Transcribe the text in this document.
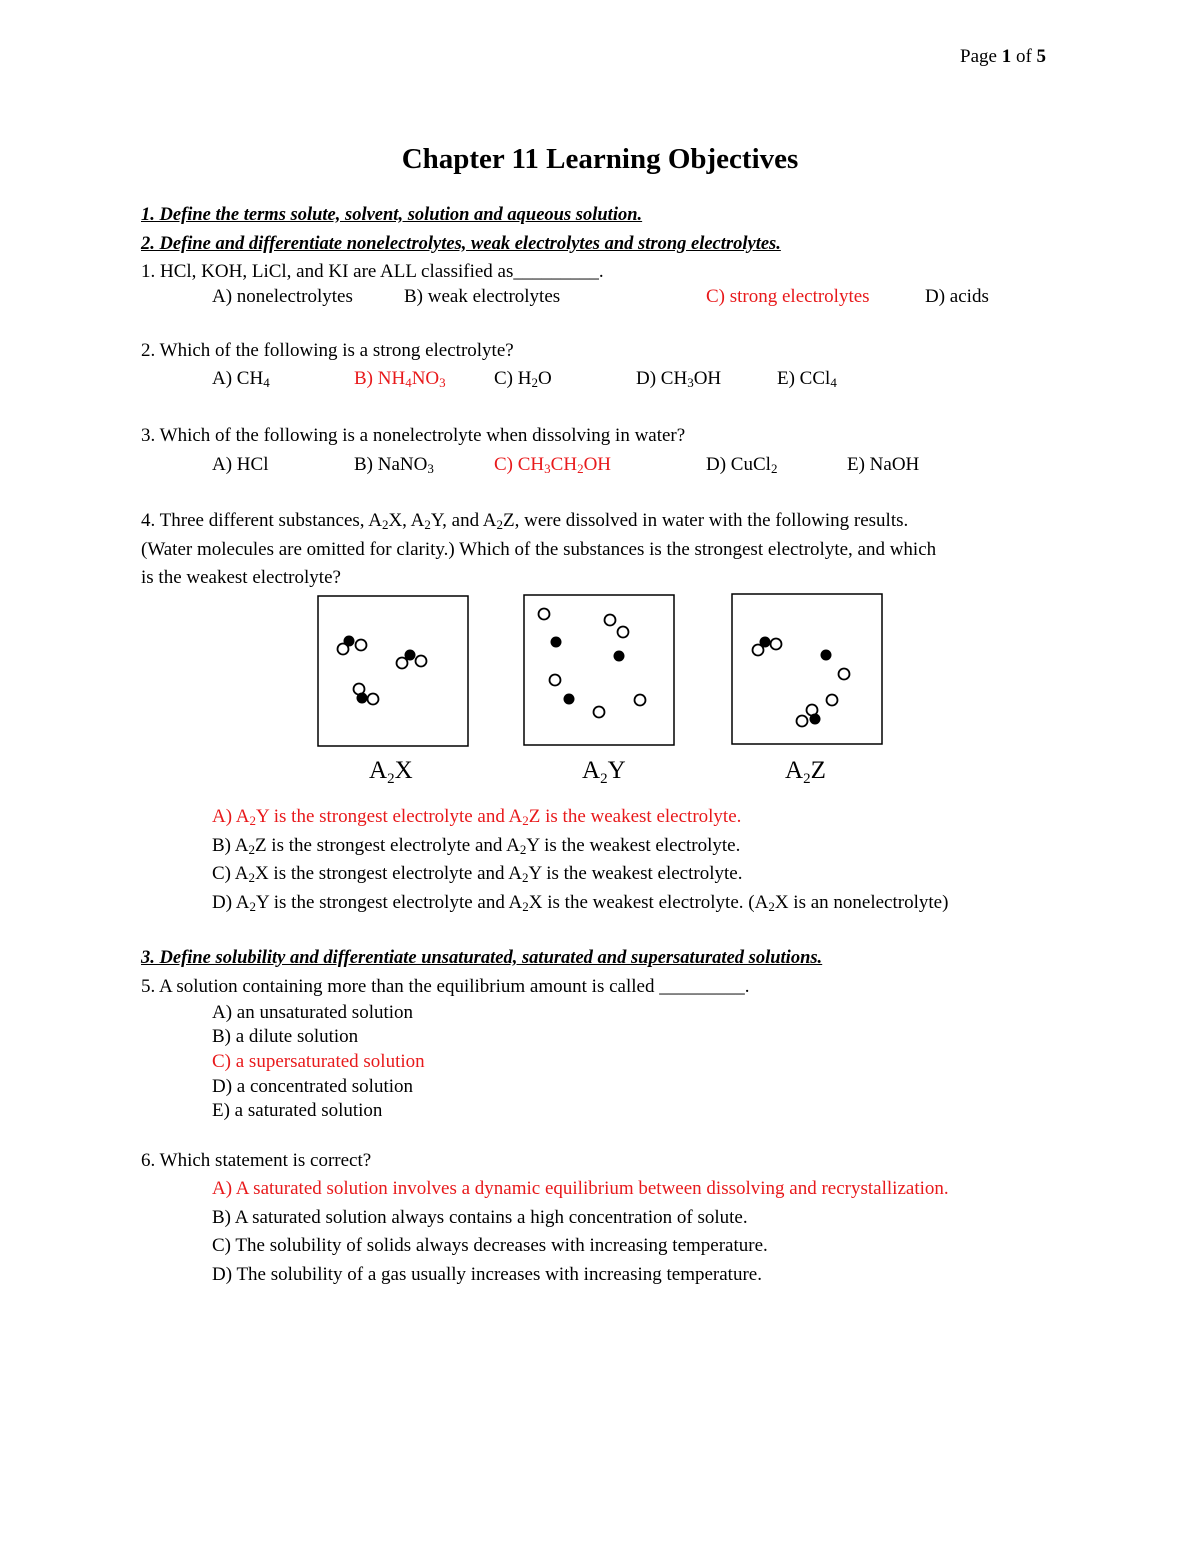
Page 1 of 5
Chapter 11 Learning Objectives
1. Define the terms solute, solvent, solution and aqueous solution.
2. Define and differentiate nonelectrolytes, weak electrolytes and strong electrolytes.
1. HCl, KOH, LiCl, and KI are ALL classified as_________.
A) nonelectrolytes	B) weak electrolytes	C) strong electrolytes	D) acids
2. Which of the following is a strong electrolyte?
A) $CH_4$	B) $NH_4NO_3$	C) $H_2O$	D) $CH_3OH$	E) CCl$_4$
3. Which of the following is a nonelectrolyte when dissolving in water?
A) HCl	B) NaNO$_3$	C) $CH_3CH_2OH$	D) CuCl$_2$	E) NaOH
4. Three different substances, $A_2X$, $A_2Y$, and $A_2Z$, were dissolved in water with the following results.
(Water molecules are omitted for clarity.) Which of the substances is the strongest electrolyte, and which
is the weakest electrolyte?
$A_2X$	$A_2Y$	$A_2Z$
A) $A_2Y$ is the strongest electrolyte and $A_2Z$ is the weakest electrolyte.
B) $A_2Z$ is the strongest electrolyte and $A_2Y$ is the weakest electrolyte.
C) $A_2X$ is the strongest electrolyte and $A_2Y$ is the weakest electrolyte.
D) $A_2Y$ is the strongest electrolyte and $A_2X$ is the weakest electrolyte. ($A_2X$ is an nonelectrolyte)
3. Define solubility and differentiate unsaturated, saturated and supersaturated solutions.
5. A solution containing more than the equilibrium amount is called _________.
A) an unsaturated solution
B) a dilute solution
C) a supersaturated solution
D) a concentrated solution
E) a saturated solution
6. Which statement is correct?
A) A saturated solution involves a dynamic equilibrium between dissolving and recrystallization.
B) A saturated solution always contains a high concentration of solute.
C) The solubility of solids always decreases with increasing temperature.
D) The solubility of a gas usually increases with increasing temperature.
